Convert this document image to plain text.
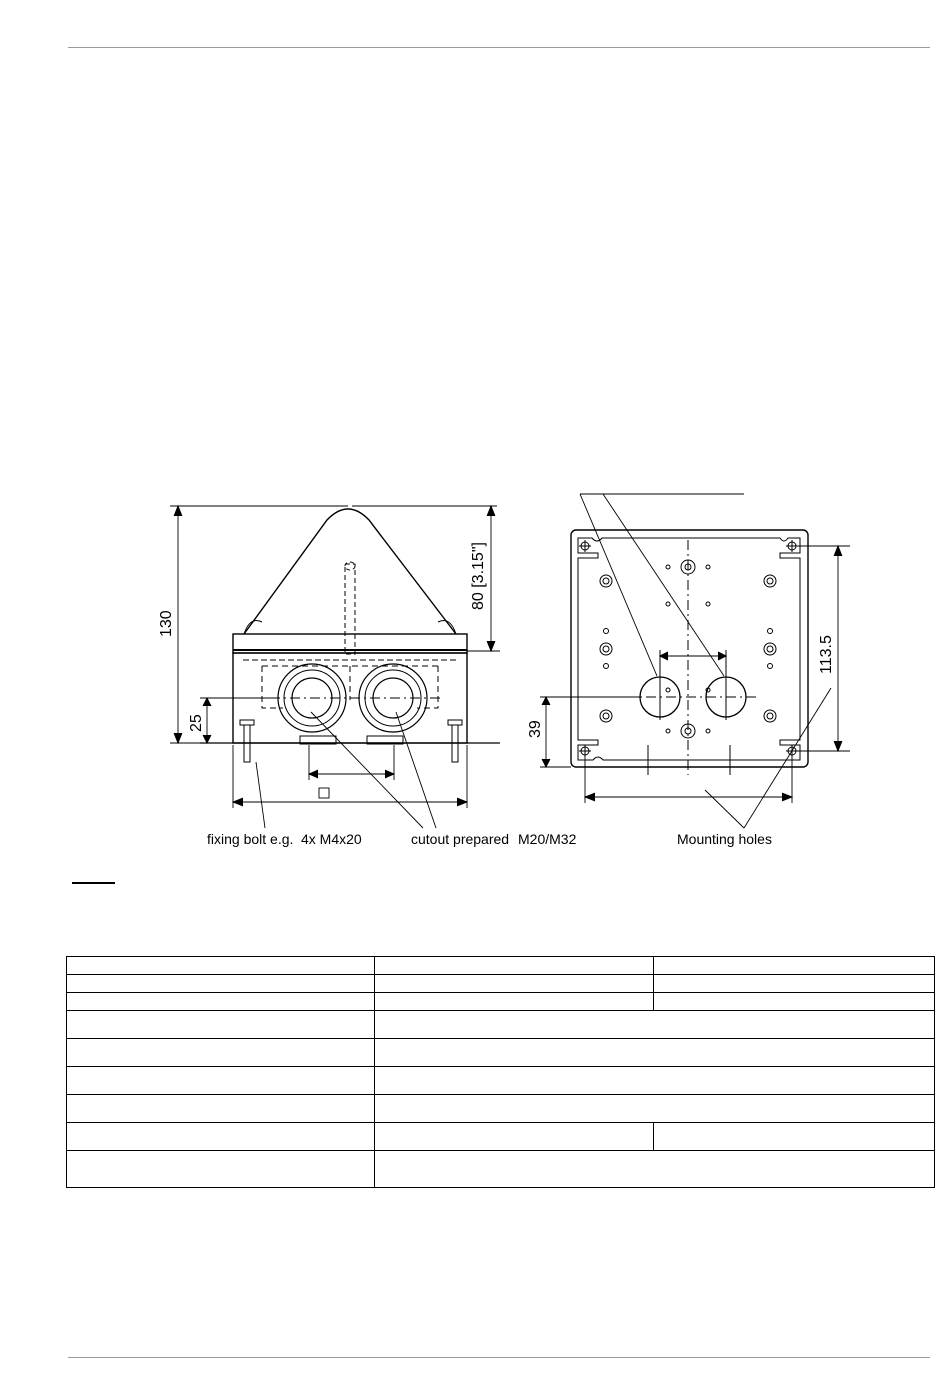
130
80 [3.15"]
25
113.5
39
fixing bolt e.g. 4x M4x20	cutout prepared M20/M32	Mounting holes
